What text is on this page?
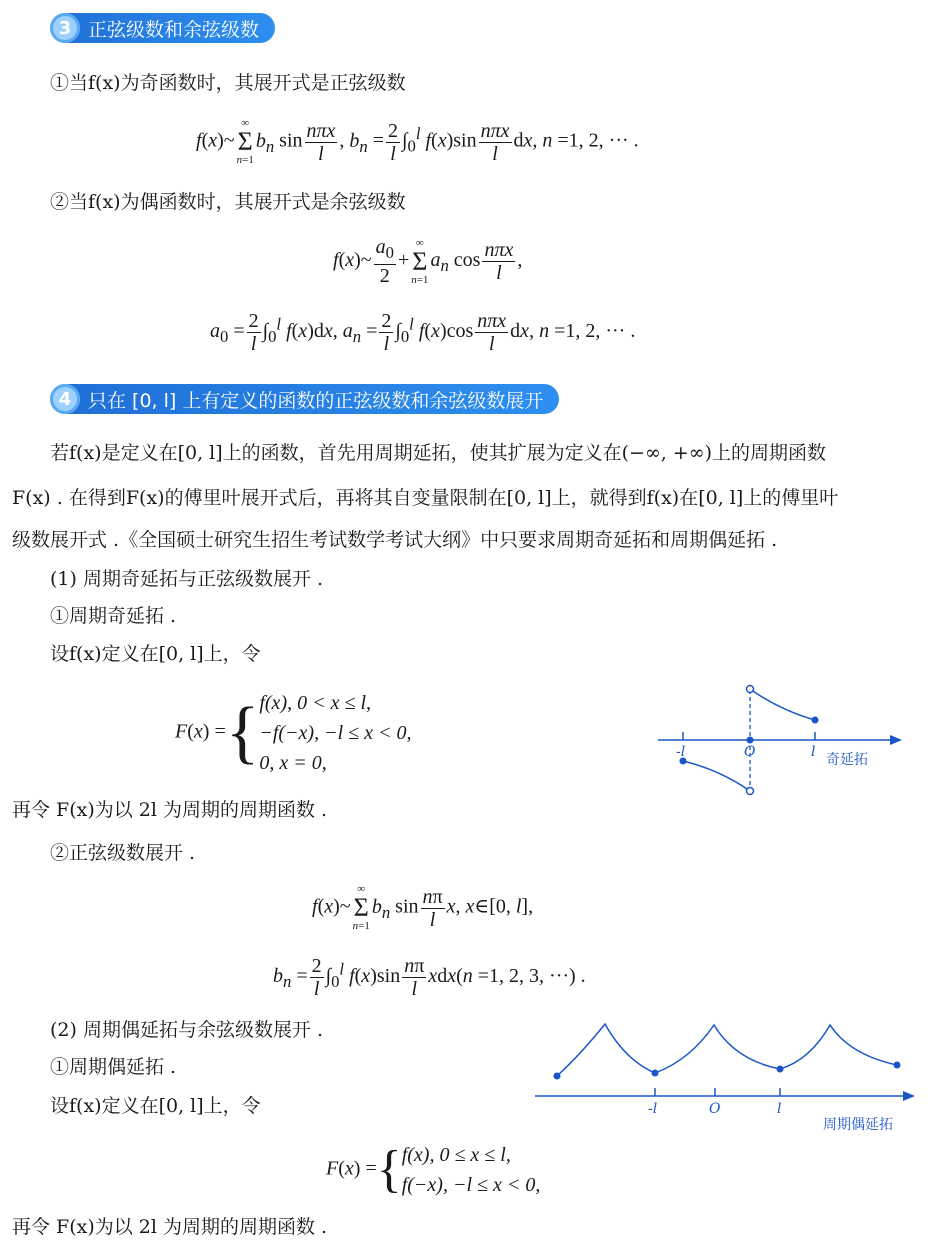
3 正弦级数和余弦级数
①当f(x)为奇函数时，其展开式是正弦级数
f(x)~
∞
Σ
n=1
$b_n$ $\sin \frac{\text{nπx}}{l}$ , $b_n = \frac{2}{l} \int_0^l$ $f(x)\sin \frac{\text{nπx}}{l}$ dx, n =1, 2, ··· .
②当f(x)为偶函数时，其展开式是余弦级数
f(x)~ $\frac{a_0}{2}$ +
∞
Σ
n=1
$a_n$ $\cos \frac{\text{nπx}}{l}$ ,
$a_0 = \frac{2}{l} \int_0^l$ f(x)dx, $a_n = \frac{2}{l} \int_0^l$ $f(x)\cos \frac{\text{nπx}}{l}$ dx, n =1, 2, ··· .
4 只在 [0, l] 上有定义的函数的正弦级数和余弦级数展开
若f(x)是定义在[0, l]上的函数，首先用周期延拓，使其扩展为定义在(−∞, +∞)上的周期函数
F(x) . 在得到F(x)的傅里叶展开式后，再将其自变量限制在[0, l]上，就得到f(x)在[0, l]上的傅里叶
级数展开式 .《全国硕士研究生招生考试数学考试大纲》中只要求周期奇延拓和周期偶延拓 .
(1) 周期奇延拓与正弦级数展开 .
①周期奇延拓 .
设f(x)定义在[0, l]上，令
F(x) ={ f(x), 0 < x ≤ l,
−f(−x), −l ≤ x < 0,
0, x = 0,	-l	O	l 奇延拓
再令 F(x)为以 2l 为周期的周期函数 .
②正弦级数展开 .
f(x)~
∞
Σ
n=1
$b_n$ $\sin \frac{n\pi}{l} x$, x∈[0, l],
$b_n = \frac{2}{l} \int_0^l$ $f(x)\sin \frac{n\pi}{l} xdx(n =1$, 2, 3, ···) .
(2) 周期偶延拓与余弦级数展开 .
①周期偶延拓 .
设f(x)定义在[0, l]上，令	-l	O	l
周期偶延拓
F(x) ={ f(x), 0 ≤ x ≤ l,
f(−x), −l ≤ x < 0,
再令 F(x)为以 2l 为周期的周期函数 .
